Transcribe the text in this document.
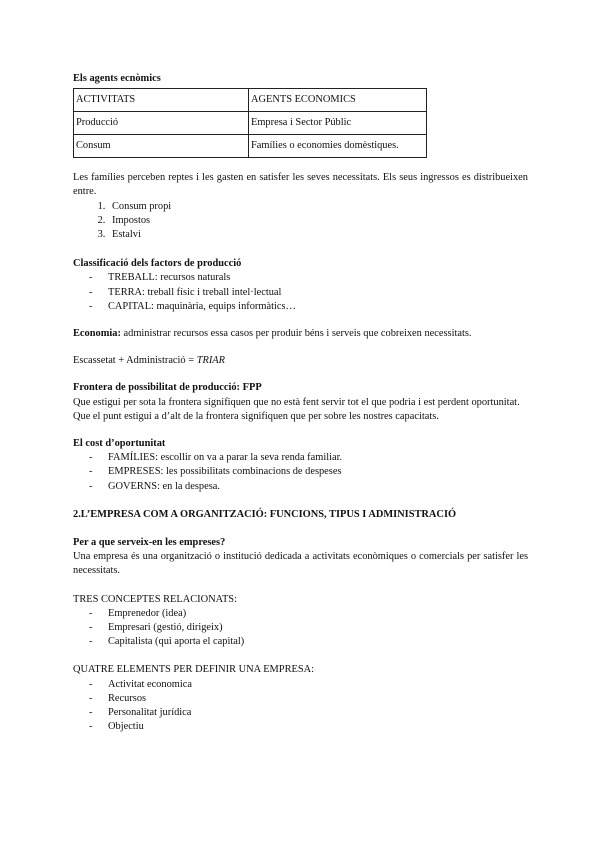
Els agents ecnòmics
ACTIVITATS	AGENTS ECONOMICS
Producció	Empresa i Sector Públic
Consum	Famílies o economies domèstiques.

Les famílies perceben reptes i les gasten en satisfer les seves necessitats. Els seus ingressos es distribueixen entre.

1. Consum propi
2. Impostos
3. Estalvi
Classificació dels factors de producció
- TREBALL: recursos naturals
- TERRA: treball físic i treball intel·lectual
- CAPITAL: maquinària, equips informàtics…

Economia: administrar recursos essa casos per produir béns i serveis que cobreixen necessitats.

Escassetat + Administració = TRIAR

Frontera de possibilitat de producció: FPP

Que estigui per sota la frontera signifiquen que no està fent servir tot el que podria i est perdent oportunitat.

Que el punt estigui a d’alt de la frontera signifiquen que per sobre les nostres capacitats.

El cost d’oportunitat
- FAMÍLIES: escollir on va a parar la seva renda familiar.
- EMPRESES: les possibilitats combinacions de despeses
- GOVERNS: en la despesa.
2.L’EMPRESA COM A ORGANITZACIÓ: FUNCIONS, TIPUS I ADMINISTRACIÓ
Per a que serveix-en les empreses?

Una empresa és una organització o institució dedicada a activitats econòmiques o comercials per satisfer les necessitats.

TRES CONCEPTES RELACIONATS:
- Emprenedor (idea)
- Empresari (gestió, dirigeix)
- Capitalista (qui aporta el capital)
QUATRE ELEMENTS PER DEFINIR UNA EMPRESA:
- Activitat economica
- Recursos
- Personalitat jurídica
- Objectiu
